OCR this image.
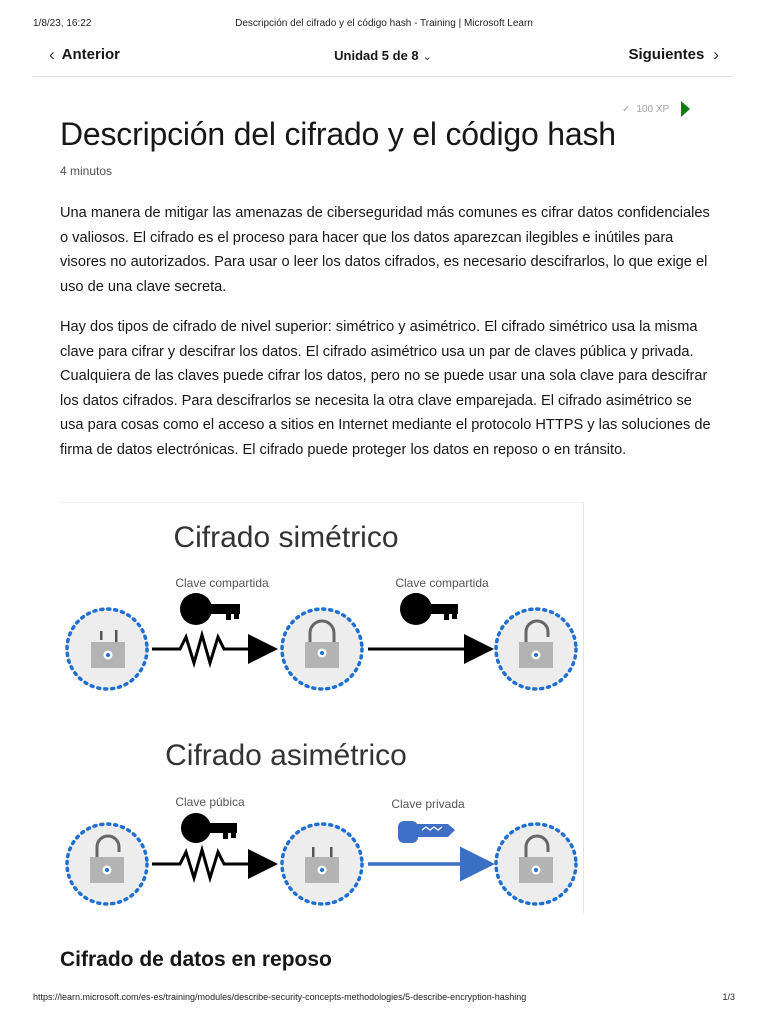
1/8/23, 16:22	Descripción del cifrado y el código hash - Training | Microsoft Learn
‹ Anterior	Unidad 5 de 8 ⌄	Siguientes ›
✓ 100 XP
Descripción del cifrado y el código hash
4 minutos

Una manera de mitigar las amenazas de ciberseguridad más comunes es cifrar datos confidenciales o valiosos. El cifrado es el proceso para hacer que los datos aparezcan ilegibles e inútiles para visores no autorizados. Para usar o leer los datos cifrados, es necesario descifrarlos, lo que exige el uso de una clave secreta.

Hay dos tipos de cifrado de nivel superior: simétrico y asimétrico. El cifrado simétrico usa la misma clave para cifrar y descifrar los datos. El cifrado asimétrico usa un par de claves pública y privada. Cualquiera de las claves puede cifrar los datos, pero no se puede usar una sola clave para descifrar los datos cifrados. Para descifrarlos se necesita la otra clave emparejada. El cifrado asimétrico se usa para cosas como el acceso a sitios en Internet mediante el protocolo HTTPS y las soluciones de firma de datos electrónicas. El cifrado puede proteger los datos en reposo o en tránsito.

Cifrado simétrico
Clave compartida	Clave compartida
Cifrado asimétrico
Clave púbica	Clave privada
Cifrado de datos en reposo
https://learn.microsoft.com/es-es/training/modules/describe-security-concepts-methodologies/5-describe-encryption-hashing	1/3
